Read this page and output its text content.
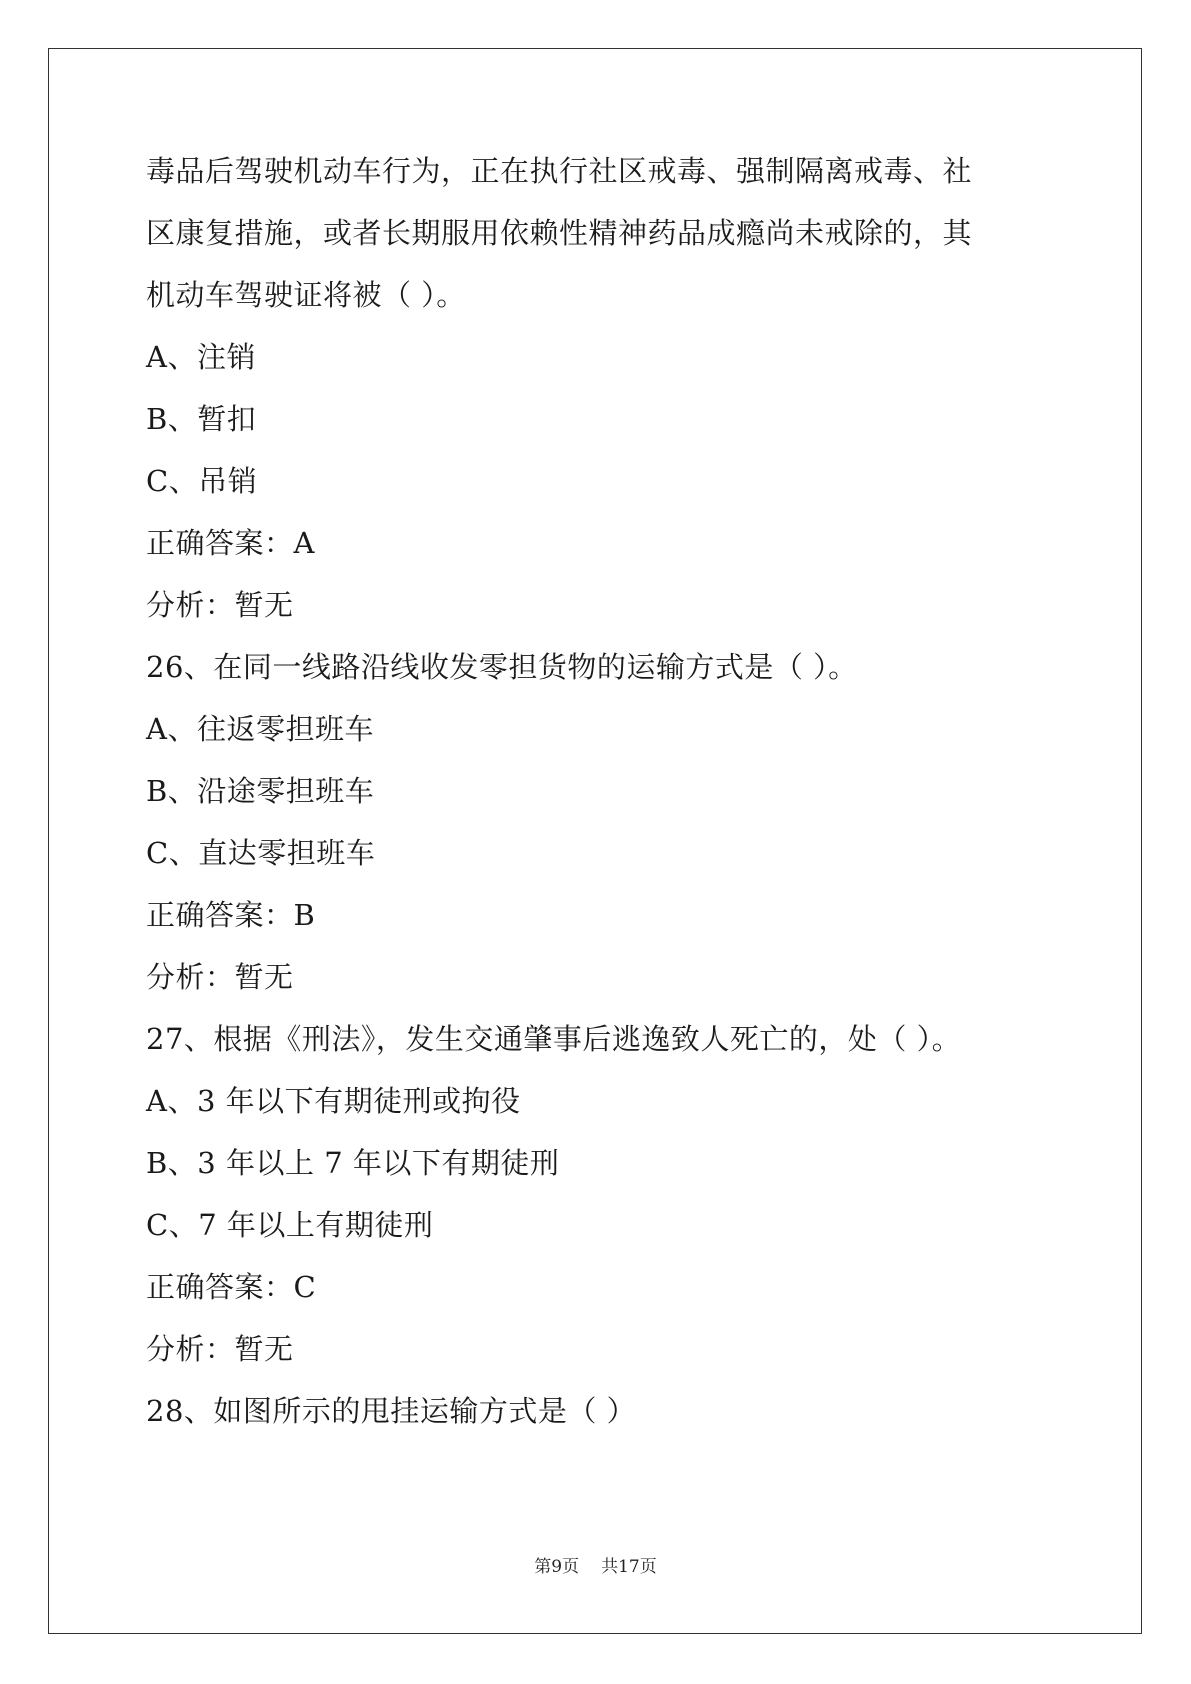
毒品后驾驶机动车行为，正在执行社区戒毒、强制隔离戒毒、社
区康复措施，或者长期服用依赖性精神药品成瘾尚未戒除的，其
机动车驾驶证将被（ ）。
A、注销
B、暂扣
C、吊销
正确答案：A
分析：暂无
26、在同一线路沿线收发零担货物的运输方式是（ ）。
A、往返零担班车
B、沿途零担班车
C、直达零担班车
正确答案：B
分析：暂无
27、根据《刑法》，发生交通肇事后逃逸致人死亡的，处（ ）。
A、3 年以下有期徒刑或拘役
B、3 年以上 7 年以下有期徒刑
C、7 年以上有期徒刑
正确答案：C
分析：暂无
28、如图所示的甩挂运输方式是（ ）
第9页 共17页
